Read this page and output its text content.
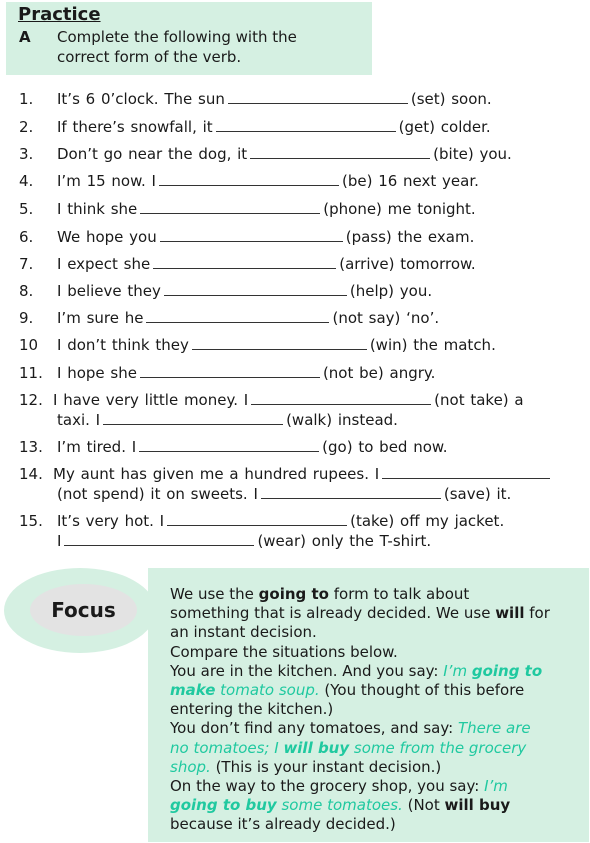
Practice
A Complete the following with the
correct form of the verb.
1. It’s 6 0’clock. The sun	(set) soon.
2. If there’s snowfall, it	(get) colder.
3. Don’t go near the dog, it	(bite) you.
4. I’m 15 now. I	(be) 16 next year.
5. I think she	(phone) me tonight.
6. We hope you	(pass) the exam.
7. I expect she	(arrive) tomorrow.
8. I believe they	(help) you.
9. I’m sure he	(not say) ‘no’.
10 I don’t think they	(win) the match.
11. I hope she	(not be) angry.
12. I have very little money. I	(not take) a
taxi. I	(walk) instead.
13. I’m tired. I	(go) to bed now.
14. My aunt has given me a hundred rupees. I
(not spend) it on sweets. I	(save) it.
15. It’s very hot. I	(take) off my jacket.
I	(wear) only the T-shirt.
Focus
We use the going to form to talk about
something that is already decided. We use will for
an instant decision.
Compare the situations below.
You are in the kitchen. And you say: I’m going to
make tomato soup. (You thought of this before
entering the kitchen.)
You don’t find any tomatoes, and say: There are
no tomatoes; I will buy some from the grocery
shop. (This is your instant decision.)
On the way to the grocery shop, you say: I’m
going to buy some tomatoes. (Not will buy
because it’s already decided.)
